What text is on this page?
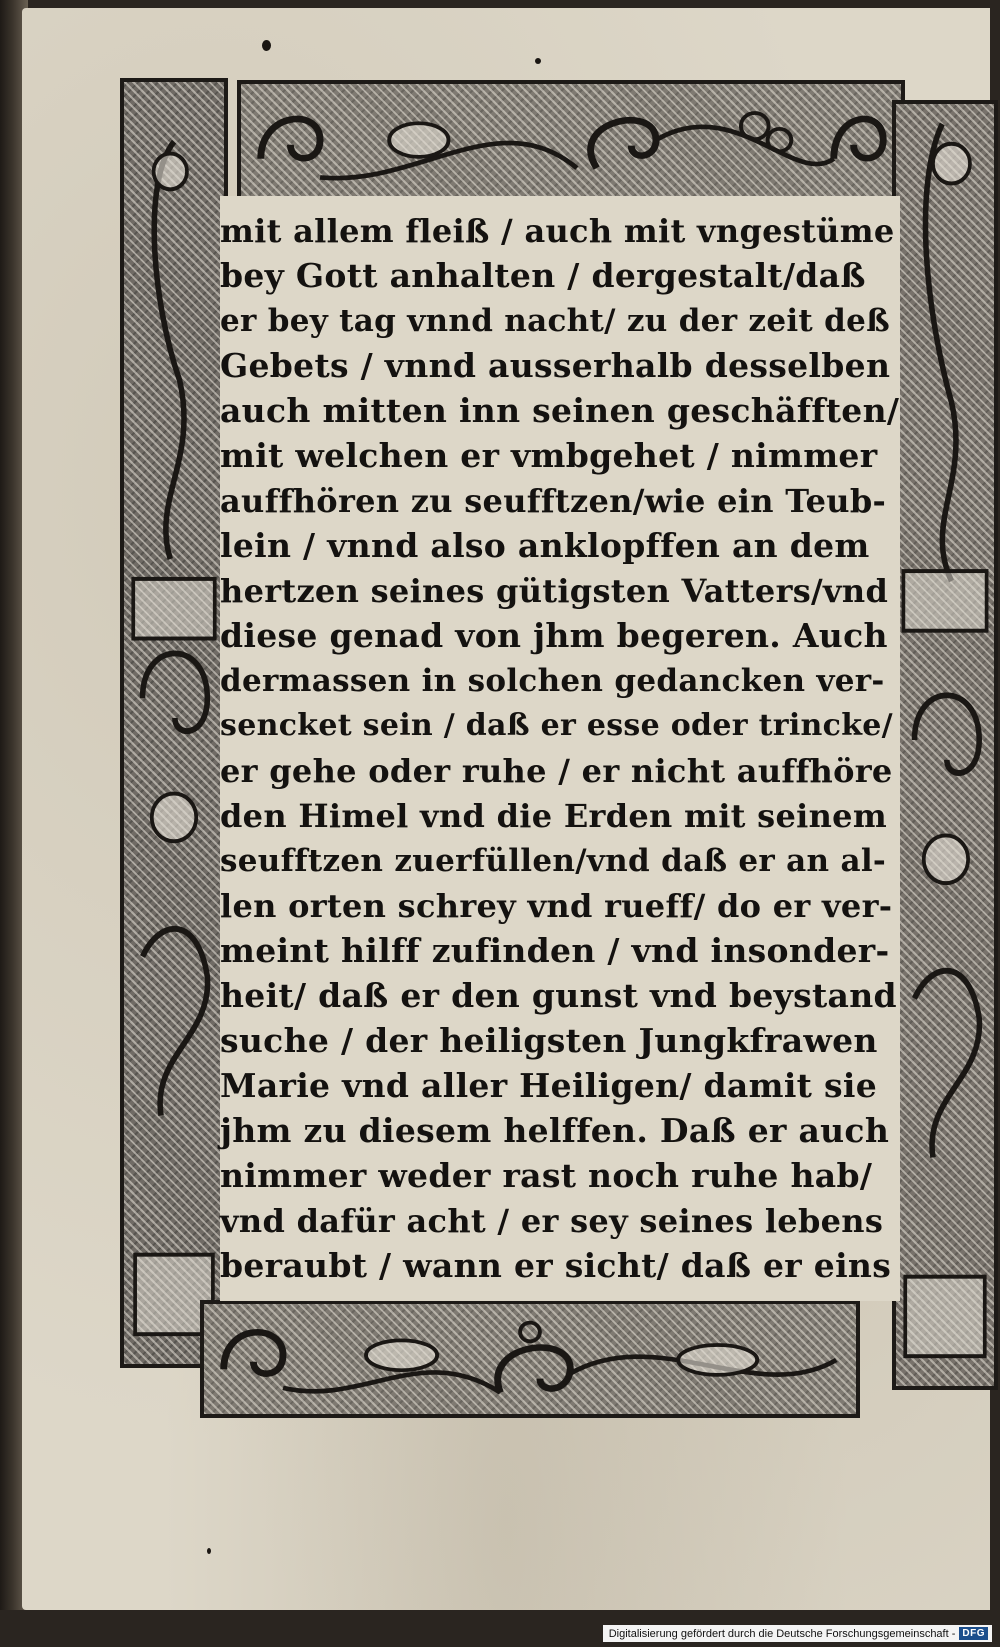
mit allem fleiß / auch mit vngestüme
bey Gott anhalten / dergestalt/daß
er bey tag vnnd nacht/ zu der zeit deß
Gebets / vnnd ausserhalb desselben
auch mitten inn seinen geschäfften/
mit welchen er vmbgehet / nimmer
auffhören zu seufftzen/wie ein Teub-
lein / vnnd also anklopffen an dem
hertzen seines gütigsten Vatters/vnd
diese genad von jhm begeren. Auch
dermassen in solchen gedancken ver-
sencket sein / daß er esse oder trincke/
er gehe oder ruhe / er nicht auffhöre
den Himel vnd die Erden mit seinem
seufftzen zuerfüllen/vnd daß er an al-
len orten schrey vnd rueff/ do er ver-
meint hilff zufinden / vnd insonder-
heit/ daß er den gunst vnd beystand
suche / der heiligsten Jungkfrawen
Marie vnd aller Heiligen/ damit sie
jhm zu diesem helffen. Daß er auch
nimmer weder rast noch ruhe hab/
vnd dafür acht / er sey seines lebens
beraubt / wann er sicht/ daß er eins
Digitalisierung gefördert durch die Deutsche Forschungsgemeinschaft - DFG
